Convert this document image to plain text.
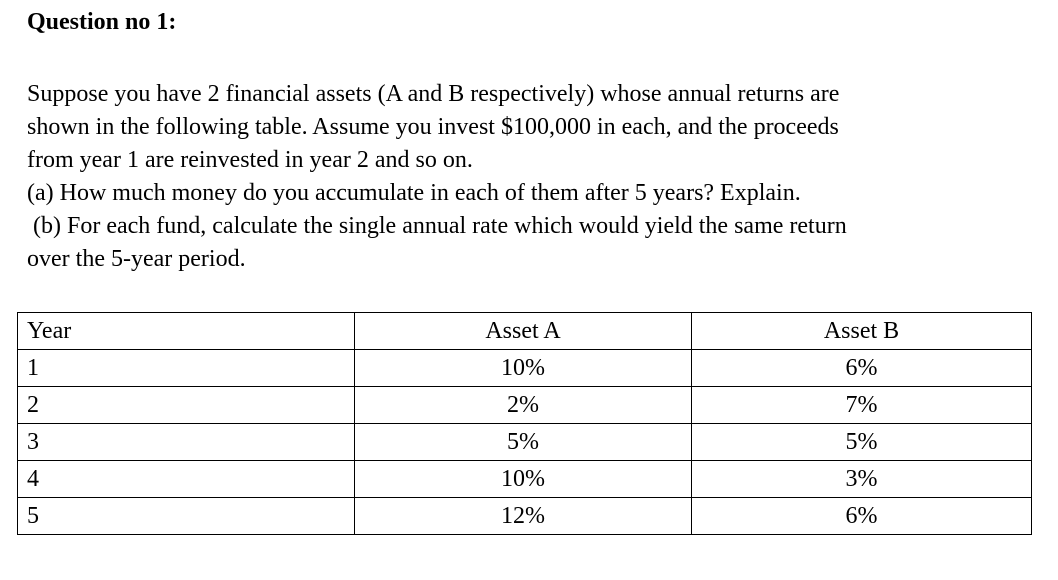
Question no 1:
Suppose you have 2 financial assets (A and B respectively) whose annual returns are
shown in the following table. Assume you invest $100,000 in each, and the proceeds
from year 1 are reinvested in year 2 and so on.
(a) How much money do you accumulate in each of them after 5 years? Explain.
(b) For each fund, calculate the single annual rate which would yield the same return
over the 5-year period.
Year	Asset A	Asset B
1	10%	6%
2	2%	7%
3	5%	5%
4	10%	3%
5	12%	6%
